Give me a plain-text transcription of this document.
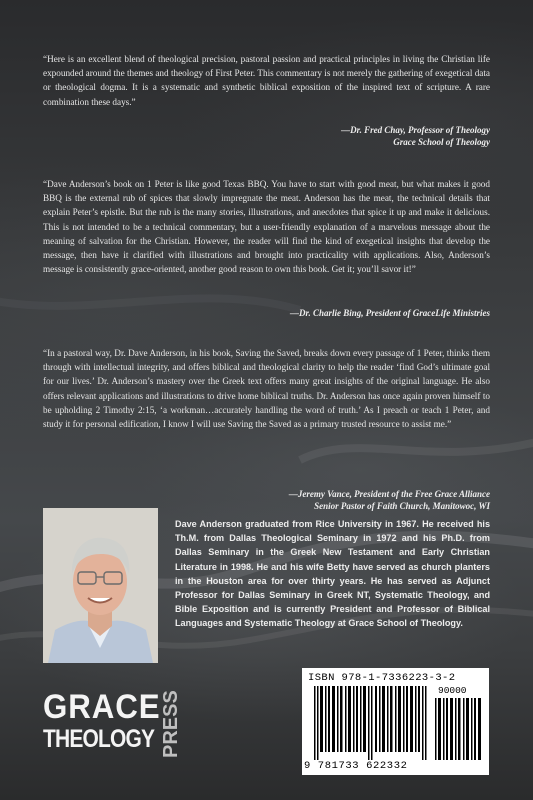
“Here is an excellent blend of theological precision, pastoral passion and practical principles in living the Christian life expounded around the themes and theology of First Peter. This commentary is not merely the gathering of exegetical data or theological dogma. It is a systematic and synthetic biblical exposition of the inspired text of scripture. A rare combination these days.”
—Dr. Fred Chay, Professor of Theology
Grace School of Theology
“Dave Anderson’s book on 1 Peter is like good Texas BBQ. You have to start with good meat, but what makes it good BBQ is the external rub of spices that slowly impregnate the meat. Anderson has the meat, the technical details that explain Peter’s epistle. But the rub is the many stories, illustrations, and anecdotes that spice it up and make it delicious. This is not intended to be a technical commentary, but a user-friendly explanation of a marvelous message about the meaning of salvation for the Christian. However, the reader will find the kind of exegetical insights that develop the message, then have it clarified with illustrations and brought into practicality with applications. Also, Anderson’s message is consistently grace-oriented, another good reason to own this book. Get it; you’ll savor it!”
—Dr. Charlie Bing, President of GraceLife Ministries
“In a pastoral way, Dr. Dave Anderson, in his book, Saving the Saved, breaks down every passage of 1 Peter, thinks them through with intellectual integrity, and offers biblical and theological clarity to help the reader ‘find God’s ultimate goal for our lives.’ Dr. Anderson’s mastery over the Greek text offers many great insights of the original language. He also offers relevant applications and illustrations to drive home biblical truths. Dr. Anderson has once again proven himself to be upholding 2 Timothy 2:15, ‘a workman…accurately handling the word of truth.’ As I preach or teach 1 Peter, and study it for personal edification, I know I will use Saving the Saved as a primary trusted resource to assist me.”
—Jeremy Vance, President of the Free Grace Alliance
Senior Pastor of Faith Church, Manitowoc, WI
Dave Anderson graduated from Rice University in 1967. He received his Th.M. from Dallas Theological Seminary in 1972 and his Ph.D. from Dallas Seminary in the Greek New Testament and Early Christian Literature in 1998. He and his wife Betty have served as church planters in the Houston area for over thirty years. He has served as Adjunct Professor for Dallas Seminary in Greek NT, Systematic Theology, and Bible Exposition and is currently President and Professor of Biblical Languages and Systematic Theology at Grace School of Theology.
GRACE
THEOLOGY PRESS
ISBN 978-1-7336223-3-2
90000
9 781733 622332
